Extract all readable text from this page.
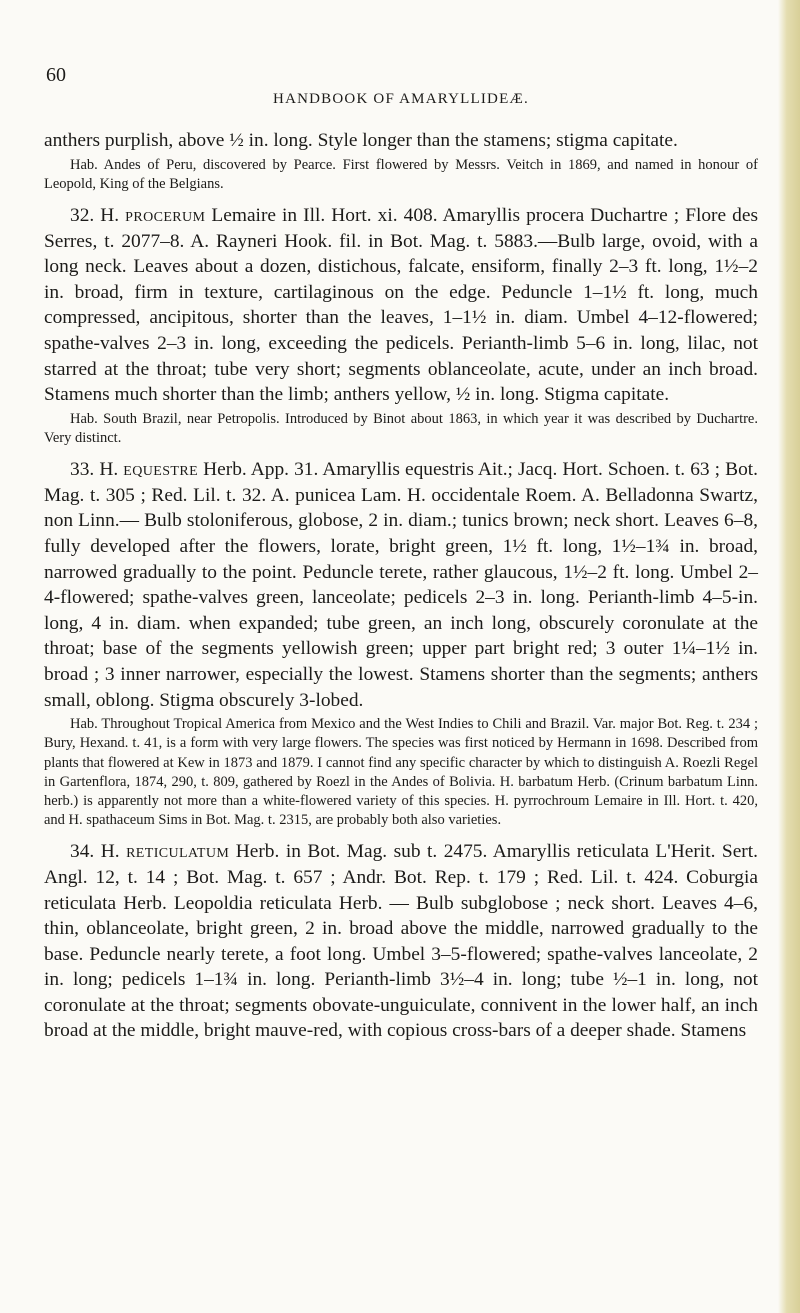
60
HANDBOOK OF AMARYLLIDEÆ.

anthers purplish, above ½ in. long. Style longer than the stamens; stigma capitate.

Hab. Andes of Peru, discovered by Pearce. First flowered by Messrs. Veitch in 1869, and named in honour of Leopold, King of the Belgians.

32. H. procerum Lemaire in Ill. Hort. xi. 408. Amaryllis procera Duchartre ; Flore des Serres, t. 2077–8. A. Rayneri Hook. fil. in Bot. Mag. t. 5883.—Bulb large, ovoid, with a long neck. Leaves about a dozen, distichous, falcate, ensiform, finally 2–3 ft. long, 1½–2 in. broad, firm in texture, cartilaginous on the edge. Peduncle 1–1½ ft. long, much compressed, ancipitous, shorter than the leaves, 1–1½ in. diam. Umbel 4–12-flowered; spathe-valves 2–3 in. long, exceeding the pedicels. Perianth-limb 5–6 in. long, lilac, not starred at the throat; tube very short; segments oblanceolate, acute, under an inch broad. Stamens much shorter than the limb; anthers yellow, ½ in. long. Stigma capitate.

Hab. South Brazil, near Petropolis. Introduced by Binot about 1863, in which year it was described by Duchartre. Very distinct.

33. H. equestre Herb. App. 31. Amaryllis equestris Ait.; Jacq. Hort. Schoen. t. 63 ; Bot. Mag. t. 305 ; Red. Lil. t. 32. A. punicea Lam. H. occidentale Roem. A. Belladonna Swartz, non Linn.— Bulb stoloniferous, globose, 2 in. diam.; tunics brown; neck short. Leaves 6–8, fully developed after the flowers, lorate, bright green, 1½ ft. long, 1½–1¾ in. broad, narrowed gradually to the point. Peduncle terete, rather glaucous, 1½–2 ft. long. Umbel 2–4-flowered; spathe-valves green, lanceolate; pedicels 2–3 in. long. Perianth-limb 4–5-in. long, 4 in. diam. when expanded; tube green, an inch long, obscurely coronulate at the throat; base of the segments yellowish green; upper part bright red; 3 outer 1¼–1½ in. broad ; 3 inner narrower, especially the lowest. Stamens shorter than the segments; anthers small, oblong. Stigma obscurely 3-lobed.

Hab. Throughout Tropical America from Mexico and the West Indies to Chili and Brazil. Var. major Bot. Reg. t. 234 ; Bury, Hexand. t. 41, is a form with very large flowers. The species was first noticed by Hermann in 1698. Described from plants that flowered at Kew in 1873 and 1879. I cannot find any specific character by which to distinguish A. Roezli Regel in Gartenflora, 1874, 290, t. 809, gathered by Roezl in the Andes of Bolivia. H. barbatum Herb. (Crinum barbatum Linn. herb.) is apparently not more than a white-flowered variety of this species. H. pyrrochroum Lemaire in Ill. Hort. t. 420, and H. spathaceum Sims in Bot. Mag. t. 2315, are probably both also varieties.

34. H. reticulatum Herb. in Bot. Mag. sub t. 2475. Amaryllis reticulata L'Herit. Sert. Angl. 12, t. 14 ; Bot. Mag. t. 657 ; Andr. Bot. Rep. t. 179 ; Red. Lil. t. 424. Coburgia reticulata Herb. Leopoldia reticulata Herb. — Bulb subglobose ; neck short. Leaves 4–6, thin, oblanceolate, bright green, 2 in. broad above the middle, narrowed gradually to the base. Peduncle nearly terete, a foot long. Umbel 3–5-flowered; spathe-valves lanceolate, 2 in. long; pedicels 1–1¾ in. long. Perianth-limb 3½–4 in. long; tube ½–1 in. long, not coronulate at the throat; segments obovate-unguiculate, connivent in the lower half, an inch broad at the middle, bright mauve-red, with copious cross-bars of a deeper shade. Stamens
